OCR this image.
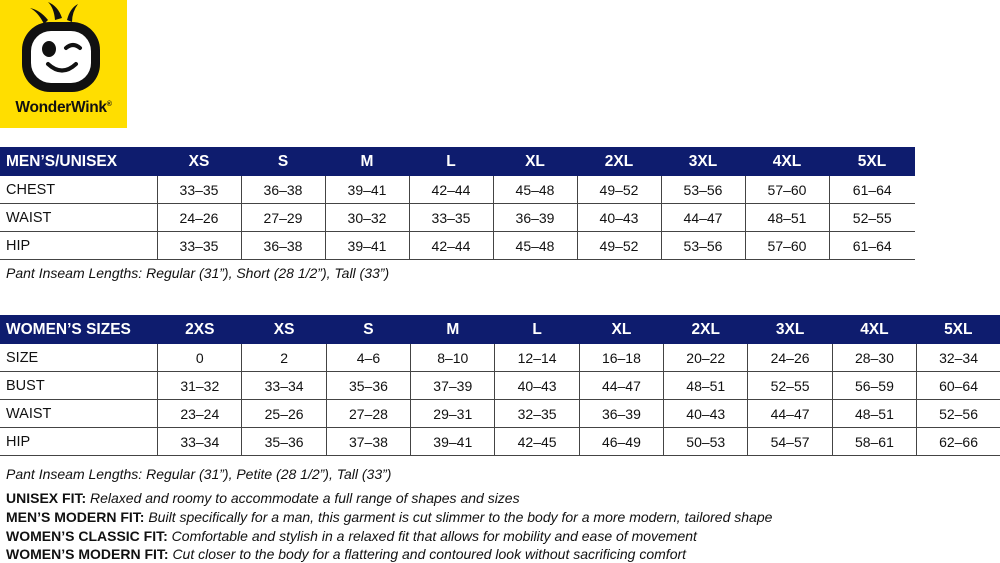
WonderWink®
MEN’S/UNISEX	XS	S	M	L	XL	2XL	3XL	4XL	5XL
CHEST	33–35	36–38	39–41	42–44	45–48	49–52	53–56	57–60	61–64
WAIST	24–26	27–29	30–32	33–35	36–39	40–43	44–47	48–51	52–55
HIP	33–35	36–38	39–41	42–44	45–48	49–52	53–56	57–60	61–64
Pant Inseam Lengths: Regular (31”), Short (28 1/2”), Tall (33”)
WOMEN’S SIZES	2XS	XS	S	M	L	XL	2XL	3XL	4XL	5XL
SIZE	0	2	4–6	8–10	12–14	16–18	20–22	24–26	28–30	32–34
BUST	31–32	33–34	35–36	37–39	40–43	44–47	48–51	52–55	56–59	60–64
WAIST	23–24	25–26	27–28	29–31	32–35	36–39	40–43	44–47	48–51	52–56
HIP	33–34	35–36	37–38	39–41	42–45	46–49	50–53	54–57	58–61	62–66
Pant Inseam Lengths: Regular (31”), Petite (28 1/2”), Tall (33”)
UNISEX FIT: Relaxed and roomy to accommodate a full range of shapes and sizes
MEN’S MODERN FIT: Built specifically for a man, this garment is cut slimmer to the body for a more modern, tailored shape
WOMEN’S CLASSIC FIT: Comfortable and stylish in a relaxed fit that allows for mobility and ease of movement
WOMEN’S MODERN FIT: Cut closer to the body for a flattering and contoured look without sacrificing comfort
